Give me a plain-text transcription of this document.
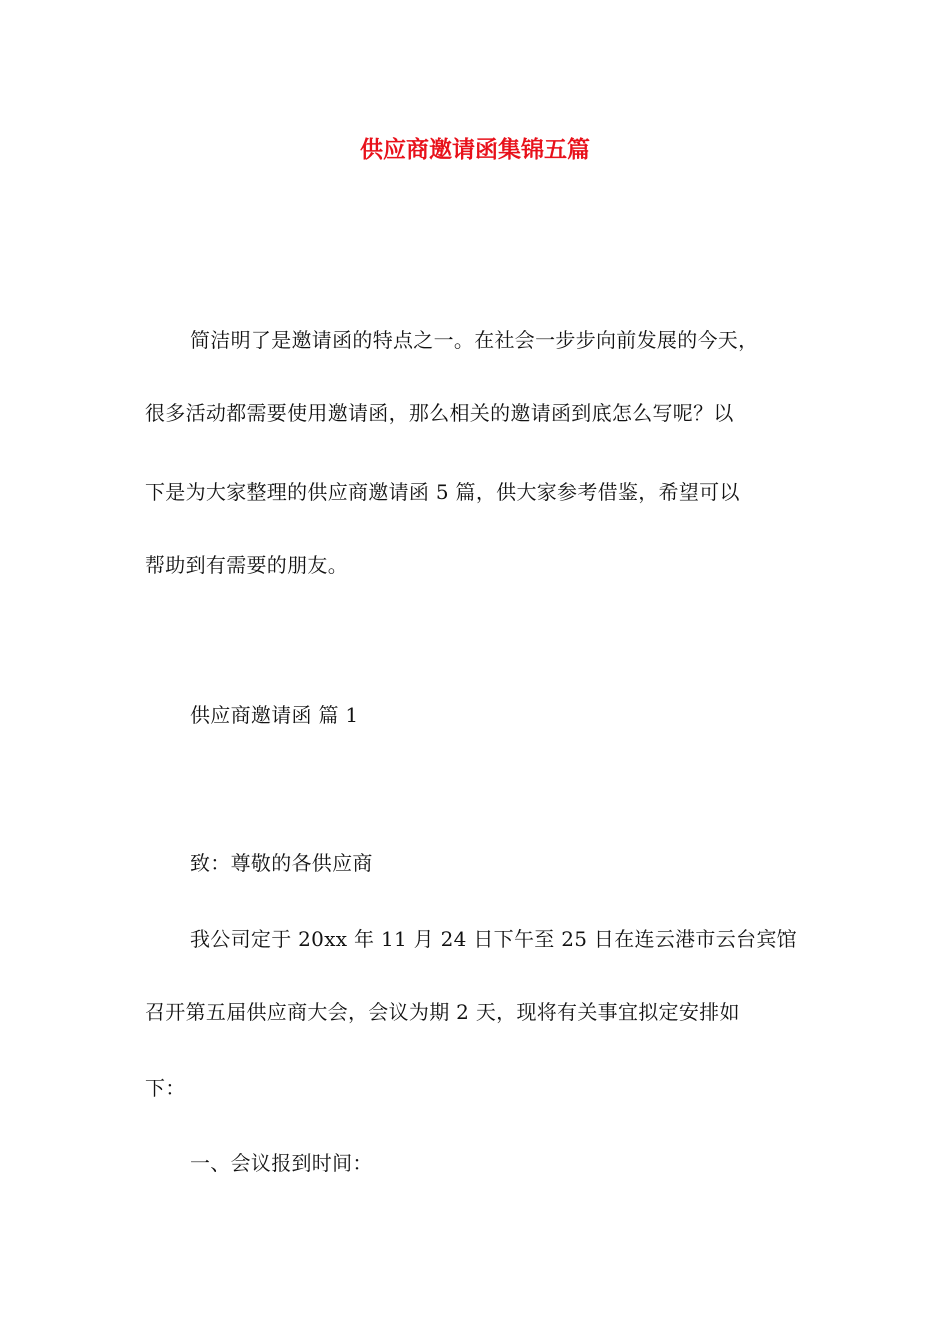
供应商邀请函集锦五篇
简洁明了是邀请函的特点之一。在社会一步步向前发展的今天，
很多活动都需要使用邀请函，那么相关的邀请函到底怎么写呢？以
下是为大家整理的供应商邀请函 5 篇，供大家参考借鉴，希望可以
帮助到有需要的朋友。
供应商邀请函 篇 1
致：尊敬的各供应商
我公司定于 20xx 年 11 月 24 日下午至 25 日在连云港市云台宾馆
召开第五届供应商大会，会议为期 2 天，现将有关事宜拟定安排如
下：
一、会议报到时间：
